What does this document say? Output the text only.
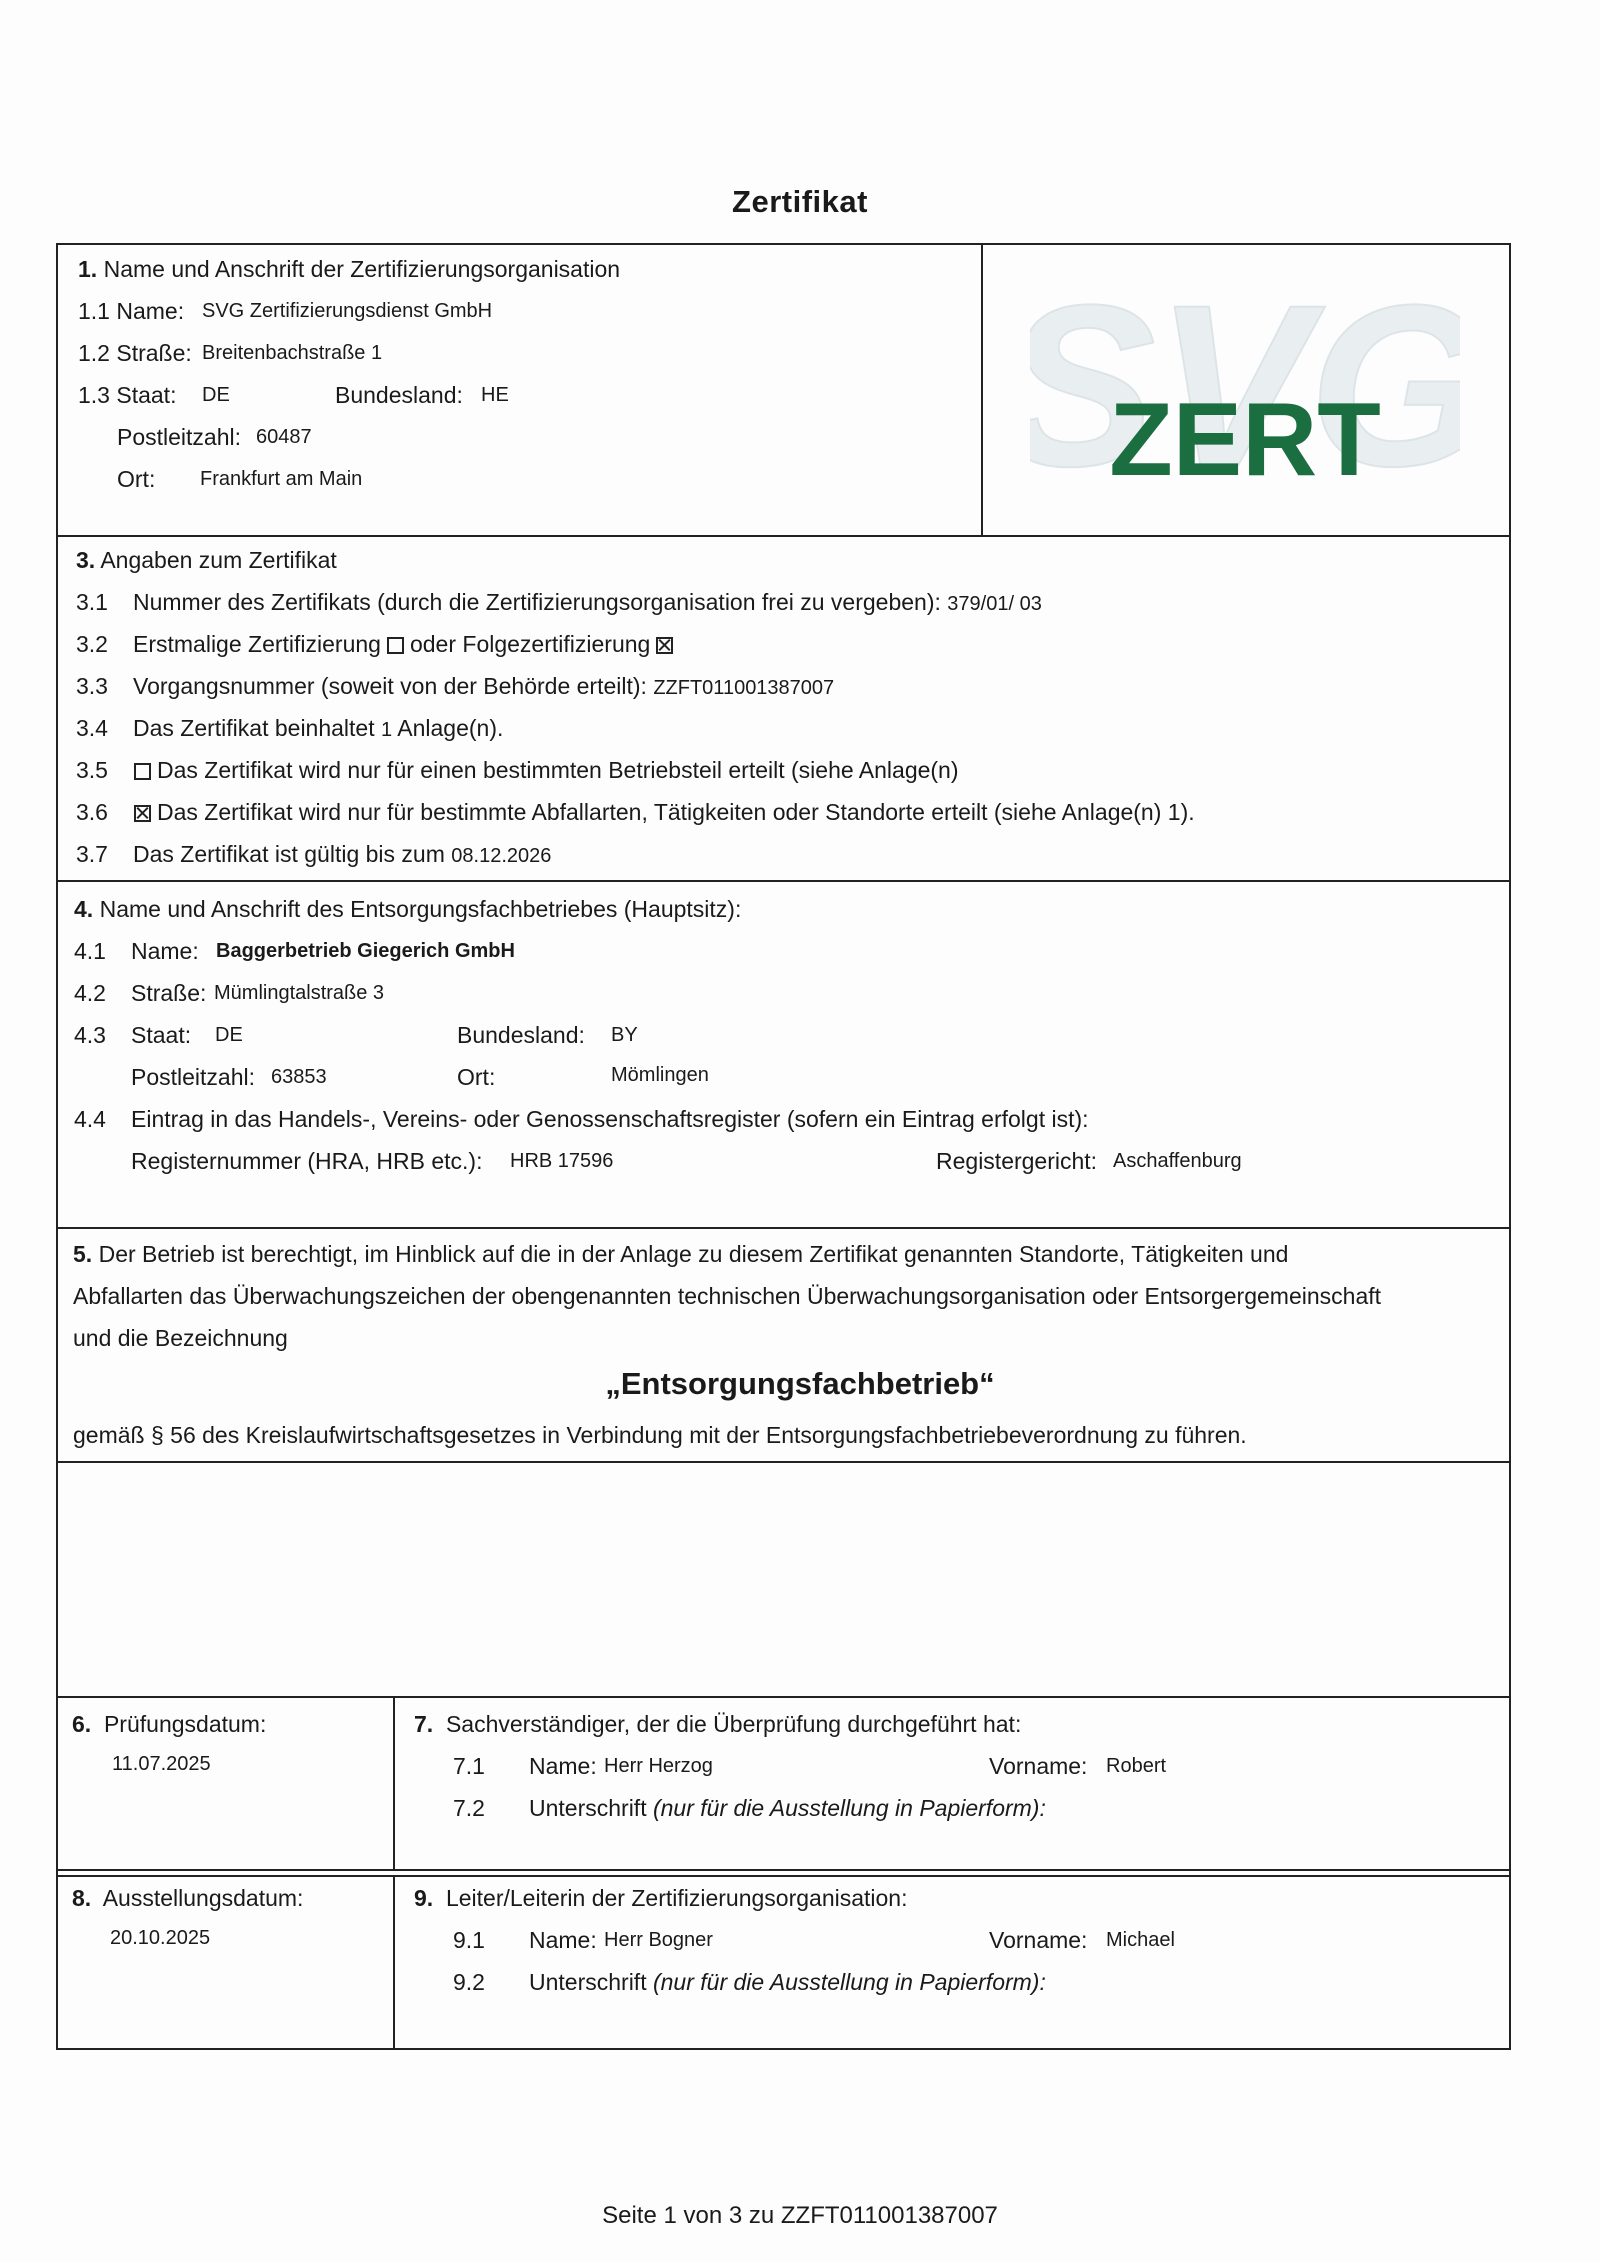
Zertifikat
1. Name und Anschrift der Zertifizierungsorganisation
1.1 Name: SVG Zertifizierungsdienst GmbH
1.2 Straße: Breitenbachstraße 1
1.3 Staat: DE	Bundesland: HE
Postleitzahl: 60487
Ort: Frankfurt am Main	VG
ZERT
3. Angaben zum Zertifikat
3.1 Nummer des Zertifikats (durch die Zertifizierungsorganisation frei zu vergeben): 379/01/ 03
3.2 Erstmalige Zertifizierung oder Folgezertifizierung
3.3 Vorgangsnummer (soweit von der Behörde erteilt): ZZFT011001387007
3.4 Das Zertifikat beinhaltet 1 Anlage(n).
3.5	Das Zertifikat wird nur für einen bestimmten Betriebsteil erteilt (siehe Anlage(n)
3.6	Das Zertifikat wird nur für bestimmte Abfallarten, Tätigkeiten oder Standorte erteilt (siehe Anlage(n) 1).
3.7 Das Zertifikat ist gültig bis zum 08.12.2026
4. Name und Anschrift des Entsorgungsfachbetriebes (Hauptsitz):
4.1 Name: Baggerbetrieb Giegerich GmbH
4.2 Straße: Mümlingtalstraße 3
4.3 Staat: DE	Bundesland: BY
Postleitzahl: 63853	Ort:	Mömlingen
4.4 Eintrag in das Handels-, Vereins- oder Genossenschaftsregister (sofern ein Eintrag erfolgt ist):
Registernummer (HRA, HRB etc.): HRB 17596	Registergericht: Aschaffenburg
5. Der Betrieb ist berechtigt, im Hinblick auf die in der Anlage zu diesem Zertifikat genannten Standorte, Tätigkeiten und
Abfallarten das Überwachungszeichen der obengenannten technischen Überwachungsorganisation oder Entsorgergemeinschaft
und die Bezeichnung
„Entsorgungsfachbetrieb“
gemäß § 56 des Kreislaufwirtschaftsgesetzes in Verbindung mit der Entsorgungsfachbetriebeverordnung zu führen.
6. Prüfungsdatum:
11.07.2025
7. Sachverständiger, der die Überprüfung durchgeführt hat:
7.1 Name: Herr Herzog	Vorname: Robert
7.2 Unterschrift (nur für die Ausstellung in Papierform):
8. Ausstellungsdatum:
20.10.2025
9. Leiter/Leiterin der Zertifizierungsorganisation:
9.1 Name: Herr Bogner	Vorname: Michael
9.2 Unterschrift (nur für die Ausstellung in Papierform):
Seite 1 von 3 zu ZZFT011001387007
